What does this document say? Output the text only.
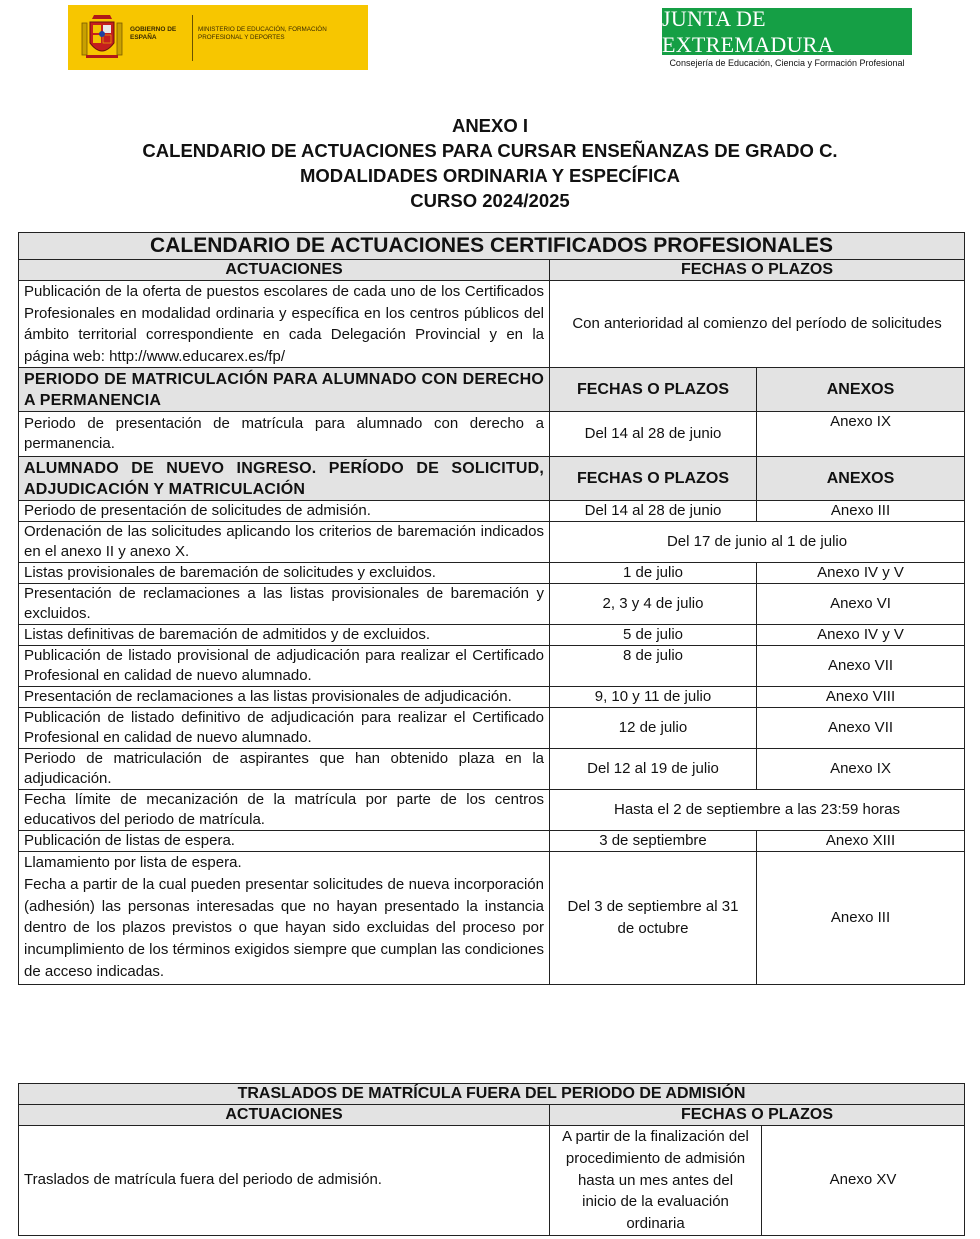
GOBIERNO DE ESPAÑA
MINISTERIO DE EDUCACIÓN, FORMACIÓN PROFESIONAL Y DEPORTES
JUNTA DE EXTREMADURA
Consejería de Educación, Ciencia y Formación Profesional
ANEXO I
CALENDARIO DE ACTUACIONES PARA CURSAR ENSEÑANZAS DE GRADO C.
MODALIDADES ORDINARIA Y ESPECÍFICA
CURSO 2024/2025
CALENDARIO DE ACTUACIONES CERTIFICADOS PROFESIONALES		
ACTUACIONES	FECHAS O PLAZOS	
Publicación de la oferta de puestos escolares de cada uno de los Certificados Profesionales en modalidad ordinaria y específica en los centros públicos del ámbito territorial correspondiente en cada Delegación Provincial y en la página web: http://www.educarex.es/fp/	Con anterioridad al comienzo del período de solicitudes	
PERIODO DE MATRICULACIÓN PARA ALUMNADO CON DERECHO A PERMANENCIA	FECHAS O PLAZOS	ANEXOS
Periodo de presentación de matrícula para alumnado con derecho a permanencia.	Del 14 al 28 de junio	Anexo IX
ALUMNADO DE NUEVO INGRESO. PERÍODO DE SOLICITUD, ADJUDICACIÓN Y MATRICULACIÓN	FECHAS O PLAZOS	ANEXOS
Periodo de presentación de solicitudes de admisión.	Del 14 al 28 de junio	Anexo III
Ordenación de las solicitudes aplicando los criterios de baremación indicados en el anexo II y anexo X.	Del 17 de junio al 1 de julio	
Listas provisionales de baremación de solicitudes y excluidos.	1 de julio	Anexo IV y V
Presentación de reclamaciones a las listas provisionales de baremación y excluidos.	2, 3 y 4 de julio	Anexo VI
Listas definitivas de baremación de admitidos y de excluidos.	5 de julio	Anexo IV y V
Publicación de listado provisional de adjudicación para realizar el Certificado Profesional en calidad de nuevo alumnado.	8 de julio	Anexo VII
Presentación de reclamaciones a las listas provisionales de adjudicación.	9, 10 y 11 de julio	Anexo VIII
Publicación de listado definitivo de adjudicación para realizar el Certificado Profesional en calidad de nuevo alumnado.	12 de julio	Anexo VII
Periodo de matriculación de aspirantes que han obtenido plaza en la adjudicación.	Del 12 al 19 de julio	Anexo IX
Fecha límite de mecanización de la matrícula por parte de los centros educativos del periodo de matrícula.	Hasta el 2 de septiembre a las 23:59 horas	
Publicación de listas de espera.	3 de septiembre	Anexo XIII

Llamamiento por lista de espera.
Fecha a partir de la cual pueden presentar solicitudes de nueva incorporación (adhesión) las personas interesadas que no hayan presentado la instancia dentro de los plazos previstos o que hayan sido excluidas del proceso por incumplimiento de los términos exigidos siempre que cumplan las condiciones de acceso indicadas.	Del 3 de septiembre al 31 de octubre	Anexo III
TRASLADOS DE MATRÍCULA FUERA DEL PERIODO DE ADMISIÓN		
ACTUACIONES	FECHAS O PLAZOS	
Traslados de matrícula fuera del periodo de admisión.	A partir de la finalización del procedimiento de admisión hasta un mes antes del inicio de la evaluación ordinaria	Anexo XV
